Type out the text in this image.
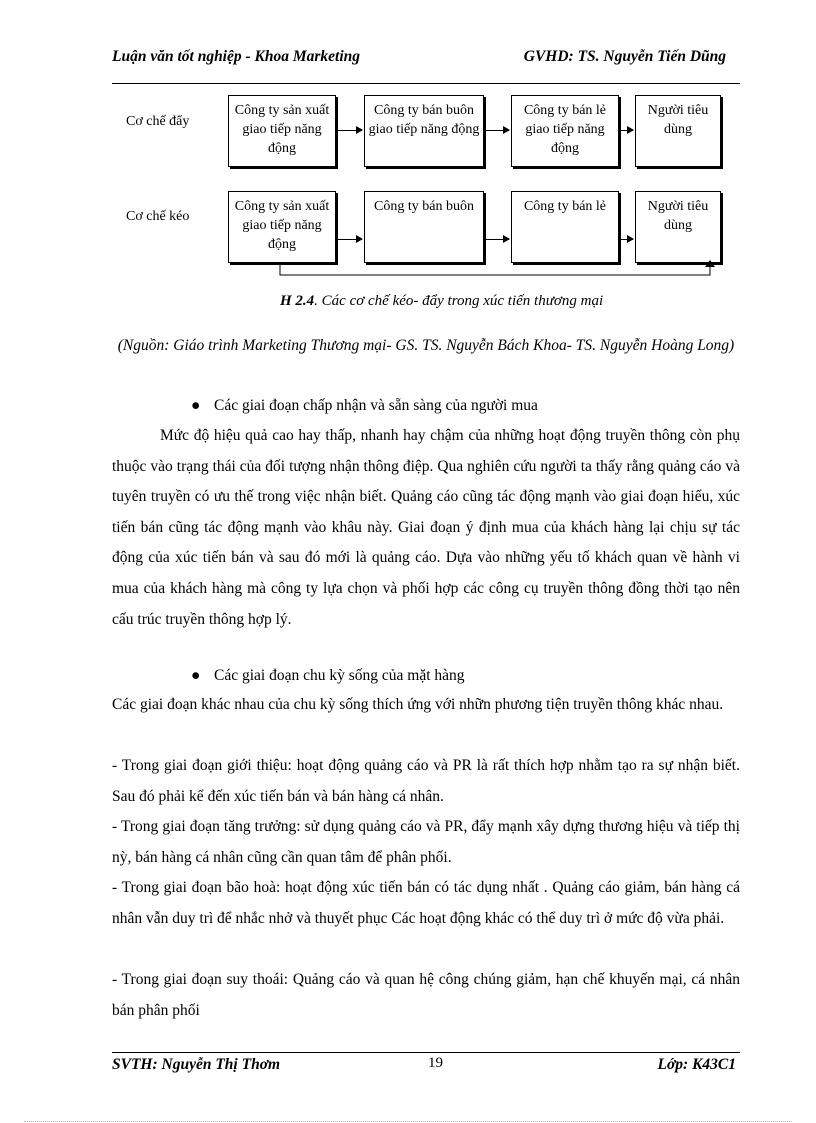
Luận văn tốt nghiệp - Khoa Marketing	GVHD: TS. Nguyễn Tiến Dũng
Cơ chế đẩy
Cơ chế kéo
Công ty sản xuất giao tiếp năng động
Công ty bán buôn giao tiếp năng động
Công ty bán lẻ giao tiếp năng động
Người tiêu dùng
Công ty sản xuất giao tiếp năng động
Công ty bán buôn	Công ty bán lẻ	Người tiêu dùng
H 2.4. Các cơ chế kéo- đẩy trong xúc tiến thương mại
(Nguồn: Giáo trình Marketing Thương mại- GS. TS. Nguyễn Bách Khoa- TS. Nguyễn Hoàng Long)
● Các giai đoạn chấp nhận và sẵn sàng của người mua
Mức độ hiệu quả cao hay thấp, nhanh hay chậm của những hoạt động truyền thông còn phụ thuộc vào trạng thái của đối tượng nhận thông điệp. Qua nghiên cứu người ta thấy rằng quảng cáo và tuyên truyền có ưu thế trong việc nhận biết. Quảng cáo cũng tác động mạnh vào giai đoạn hiểu, xúc tiến bán cũng tác động mạnh vào khâu này. Giai đoạn ý định mua của khách hàng lại chịu sự tác động của xúc tiến bán và sau đó mới là quảng cáo. Dựa vào những yếu tố khách quan về hành vi mua của khách hàng mà công ty lựa chọn và phối hợp các công cụ truyền thông đồng thời tạo nên cấu trúc truyền thông hợp lý.
● Các giai đoạn chu kỳ sống của mặt hàng
Các giai đoạn khác nhau của chu kỳ sống thích ứng với nhữn phương tiện truyền thông khác nhau.
- Trong giai đoạn giới thiệu: hoạt động quảng cáo và PR là rất thích hợp nhằm tạo ra sự nhận biết. Sau đó phải kể đến xúc tiến bán và bán hàng cá nhân.
- Trong giai đoạn tăng trưởng: sử dụng quảng cáo và PR, đẩy mạnh xây dựng thương hiệu và tiếp thị nỳ, bán hàng cá nhân cũng cần quan tâm để phân phối.
- Trong giai đoạn bão hoà: hoạt động xúc tiến bán có tác dụng nhất . Quảng cáo giảm, bán hàng cá nhân vẫn duy trì để nhắc nhở và thuyết phục Các hoạt động khác có thể duy trì ở mức độ vừa phải.
- Trong giai đoạn suy thoái: Quảng cáo và quan hệ công chúng giảm, hạn chế khuyến mại, cá nhân bán phân phối
SVTH: Nguyễn Thị Thơm	19	Lớp: K43C1
